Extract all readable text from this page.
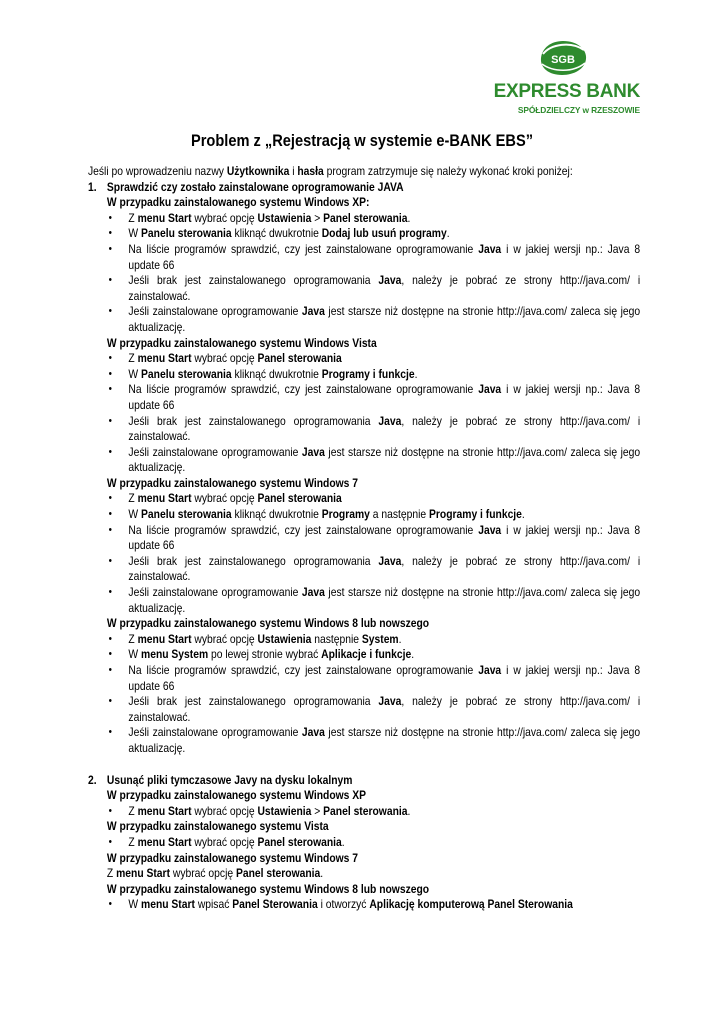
SGB
EXPRESS BANK
SPÓŁDZIELCZY w RZESZOWIE
Problem z „Rejestracją w systemie e-BANK EBS”

Jeśli po wprowadzeniu nazwy Użytkownika i hasła program zatrzymuje się należy wykonać kroki poniżej:

1. Sprawdzić czy zostało zainstalowane oprogramowanie JAVA
W przypadku zainstalowanego systemu Windows XP:
• Z menu Start wybrać opcję Ustawienia > Panel sterowania.
• W Panelu sterowania kliknąć dwukrotnie Dodaj lub usuń programy.
• Na liście programów sprawdzić, czy jest zainstalowane oprogramowanie Java i w jakiej wersji np.: Java 8 update 66
• Jeśli brak jest zainstalowanego oprogramowania Java, należy je pobrać ze strony http://java.com/ i zainstalować.
• Jeśli zainstalowane oprogramowanie Java jest starsze niż dostępne na stronie http://java.com/ zaleca się jego aktualizację.
W przypadku zainstalowanego systemu Windows Vista
• Z menu Start wybrać opcję Panel sterowania
• W Panelu sterowania kliknąć dwukrotnie Programy i funkcje.
• Na liście programów sprawdzić, czy jest zainstalowane oprogramowanie Java i w jakiej wersji np.: Java 8 update 66
• Jeśli brak jest zainstalowanego oprogramowania Java, należy je pobrać ze strony http://java.com/ i zainstalować.
• Jeśli zainstalowane oprogramowanie Java jest starsze niż dostępne na stronie http://java.com/ zaleca się jego aktualizację.
W przypadku zainstalowanego systemu Windows 7
• Z menu Start wybrać opcję Panel sterowania
• W Panelu sterowania kliknąć dwukrotnie Programy a następnie Programy i funkcje.
• Na liście programów sprawdzić, czy jest zainstalowane oprogramowanie Java i w jakiej wersji np.: Java 8 update 66
• Jeśli brak jest zainstalowanego oprogramowania Java, należy je pobrać ze strony http://java.com/ i zainstalować.
• Jeśli zainstalowane oprogramowanie Java jest starsze niż dostępne na stronie http://java.com/ zaleca się jego aktualizację.
W przypadku zainstalowanego systemu Windows 8 lub nowszego
• Z menu Start wybrać opcję Ustawienia następnie System.
• W menu System po lewej stronie wybrać Aplikacje i funkcje.
• Na liście programów sprawdzić, czy jest zainstalowane oprogramowanie Java i w jakiej wersji np.: Java 8 update 66
• Jeśli brak jest zainstalowanego oprogramowania Java, należy je pobrać ze strony http://java.com/ i zainstalować.
• Jeśli zainstalowane oprogramowanie Java jest starsze niż dostępne na stronie http://java.com/ zaleca się jego aktualizację.
2. Usunąć pliki tymczasowe Javy na dysku lokalnym
W przypadku zainstalowanego systemu Windows XP
• Z menu Start wybrać opcję Ustawienia > Panel sterowania.
W przypadku zainstalowanego systemu Vista
• Z menu Start wybrać opcję Panel sterowania.
W przypadku zainstalowanego systemu Windows 7
Z menu Start wybrać opcję Panel sterowania.
W przypadku zainstalowanego systemu Windows 8 lub nowszego
• W menu Start wpisać Panel Sterowania i otworzyć Aplikację komputerową Panel Sterowania
